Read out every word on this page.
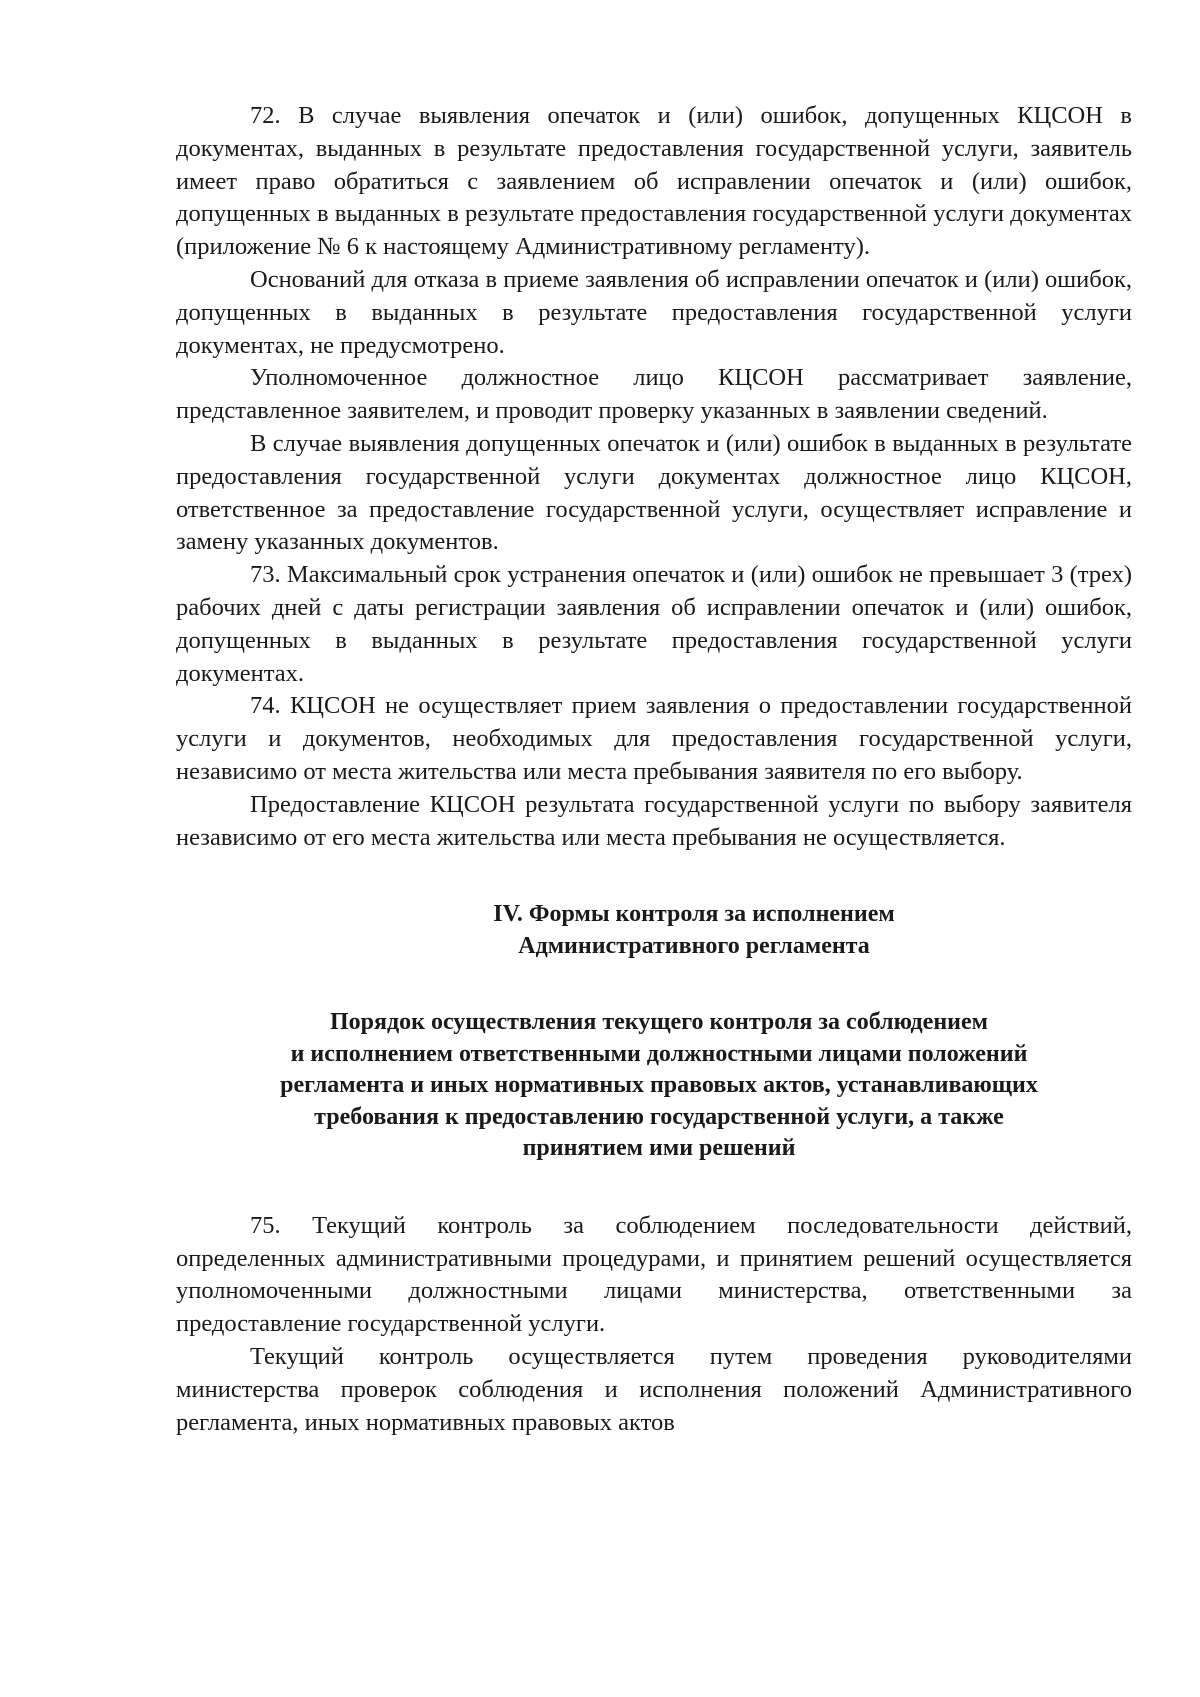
72. В случае выявления опечаток и (или) ошибок, допущенных КЦСОН в документах, выданных в результате предоставления государственной услуги, заявитель имеет право обратиться с заявлением об исправлении опечаток и (или) ошибок, допущенных в выданных в результате предоставления государственной услуги документах (приложение № 6 к настоящему Административному регламенту).

Оснований для отказа в приеме заявления об исправлении опечаток и (или) ошибок, допущенных в выданных в результате предоставления государственной услуги документах, не предусмотрено.

Уполномоченное должностное лицо КЦСОН рассматривает заявление, представленное заявителем, и проводит проверку указанных в заявлении сведений.

В случае выявления допущенных опечаток и (или) ошибок в выданных в результате предоставления государственной услуги документах должностное лицо КЦСОН, ответственное за предоставление государственной услуги, осуществляет исправление и замену указанных документов.

73. Максимальный срок устранения опечаток и (или) ошибок не превышает 3 (трех) рабочих дней с даты регистрации заявления об исправлении опечаток и (или) ошибок, допущенных в выданных в результате предоставления государственной услуги документах.

74. КЦСОН не осуществляет прием заявления о предоставлении государственной услуги и документов, необходимых для предоставления государственной услуги, независимо от места жительства или места пребывания заявителя по его выбору.

Предоставление КЦСОН результата государственной услуги по выбору заявителя независимо от его места жительства или места пребывания не осуществляется.

IV. Формы контроля за исполнением
Административного регламента
Порядок осуществления текущего контроля за соблюдением
и исполнением ответственными должностными лицами положений
регламента и иных нормативных правовых актов, устанавливающих
требования к предоставлению государственной услуги, а также
принятием ими решений

75. Текущий контроль за соблюдением последовательности действий, определенных административными процедурами, и принятием решений осуществляется уполномоченными должностными лицами министерства, ответственными за предоставление государственной услуги.

Текущий контроль осуществляется путем проведения руководителями министерства проверок соблюдения и исполнения положений Административного регламента, иных нормативных правовых актов
